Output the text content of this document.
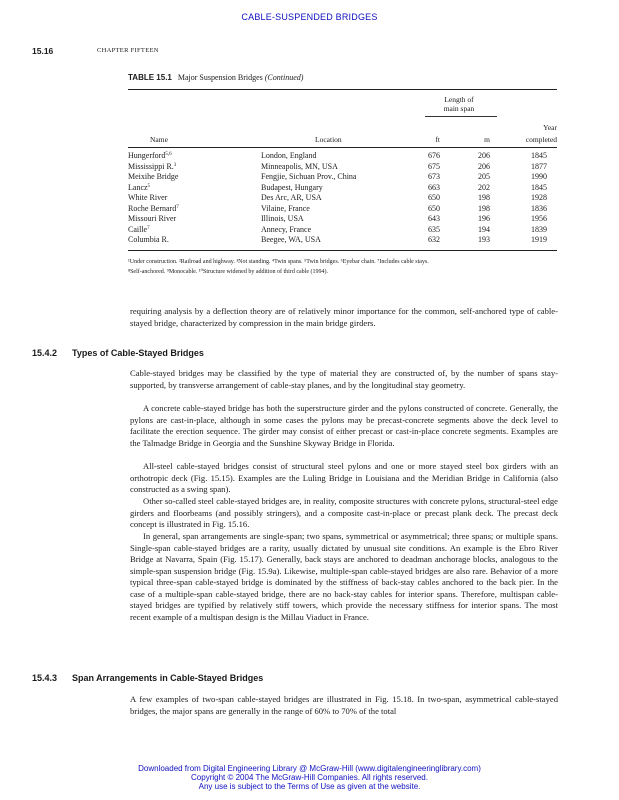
CABLE-SUSPENDED BRIDGES
15.16	CHAPTER FIFTEEN
TABLE 15.1 Major Suspension Bridges (Continued)
Length of
main span
Year
Name	Location	ft	m	completed
Hungerford$^{5,6}$	London, England	676	206	1845
Mississippi R.$^3$	Minneapolis, MN, USA	675	206	1877
Meixihe Bridge	Fengjie, Sichuan Prov., China	673	205	1990
Lancz$^5$	Budapest, Hungary	663	202	1845
White River	Des Arc, AR, USA	650	198	1928
Roche Bernard$^7$	Vilaine, France	650	198	1836
Missouri River	Illinois, USA	643	196	1956
Caille$^7$	Annecy, France	635	194	1839
Columbia R.	Beegee, WA, USA	632	193	1919
¹Under construction. ²Railroad and highway. ³Not standing. ⁴Twin spans. ⁵Twin bridges. ⁶Eyebar chain. ⁷Includes cable stays.
⁸Self-anchored. ⁹Monocable. ¹⁰Structure widened by addition of third cable (1994).

requiring analysis by a deflection theory are of relatively minor importance for the common, self-anchored type of cable-stayed bridge, characterized by compression in the main bridge girders.

15.4.2 Types of Cable-Stayed Bridges

Cable-stayed bridges may be classified by the type of material they are constructed of, by the number of spans stay-supported, by transverse arrangement of cable-stay planes, and by the longitudinal stay geometry.

A concrete cable-stayed bridge has both the superstructure girder and the pylons constructed of concrete. Generally, the pylons are cast-in-place, although in some cases the pylons may be precast-concrete segments above the deck level to facilitate the erection sequence. The girder may consist of either precast or cast-in-place concrete segments. Examples are the Talmadge Bridge in Georgia and the Sunshine Skyway Bridge in Florida.

All-steel cable-stayed bridges consist of structural steel pylons and one or more stayed steel box girders with an orthotropic deck (Fig. 15.15). Examples are the Luling Bridge in Louisiana and the Meridian Bridge in California (also constructed as a swing span).

Other so-called steel cable-stayed bridges are, in reality, composite structures with concrete pylons, structural-steel edge girders and floorbeams (and possibly stringers), and a composite cast-in-place or precast plank deck. The precast deck concept is illustrated in Fig. 15.16.

In general, span arrangements are single-span; two spans, symmetrical or asymmetrical; three spans; or multiple spans. Single-span cable-stayed bridges are a rarity, usually dictated by unusual site conditions. An example is the Ebro River Bridge at Navarra, Spain (Fig. 15.17). Generally, back stays are anchored to deadman anchorage blocks, analogous to the simple-span suspension bridge (Fig. 15.9a). Likewise, multiple-span cable-stayed bridges are also rare. Behavior of a more typical three-span cable-stayed bridge is dominated by the stiffness of back-stay cables anchored to the back pier. In the case of a multiple-span cable-stayed bridge, there are no back-stay cables for interior spans. Therefore, multispan cable-stayed bridges are typified by relatively stiff towers, which provide the necessary stiffness for interior spans. The most recent example of a multispan design is the Millau Viaduct in France.

15.4.3 Span Arrangements in Cable-Stayed Bridges

A few examples of two-span cable-stayed bridges are illustrated in Fig. 15.18. In two-span, asymmetrical cable-stayed bridges, the major spans are generally in the range of 60% to 70% of the total

Downloaded from Digital Engineering Library @ McGraw-Hill (www.digitalengineeringlibrary.com)
Copyright © 2004 The McGraw-Hill Companies. All rights reserved.
Any use is subject to the Terms of Use as given at the website.
